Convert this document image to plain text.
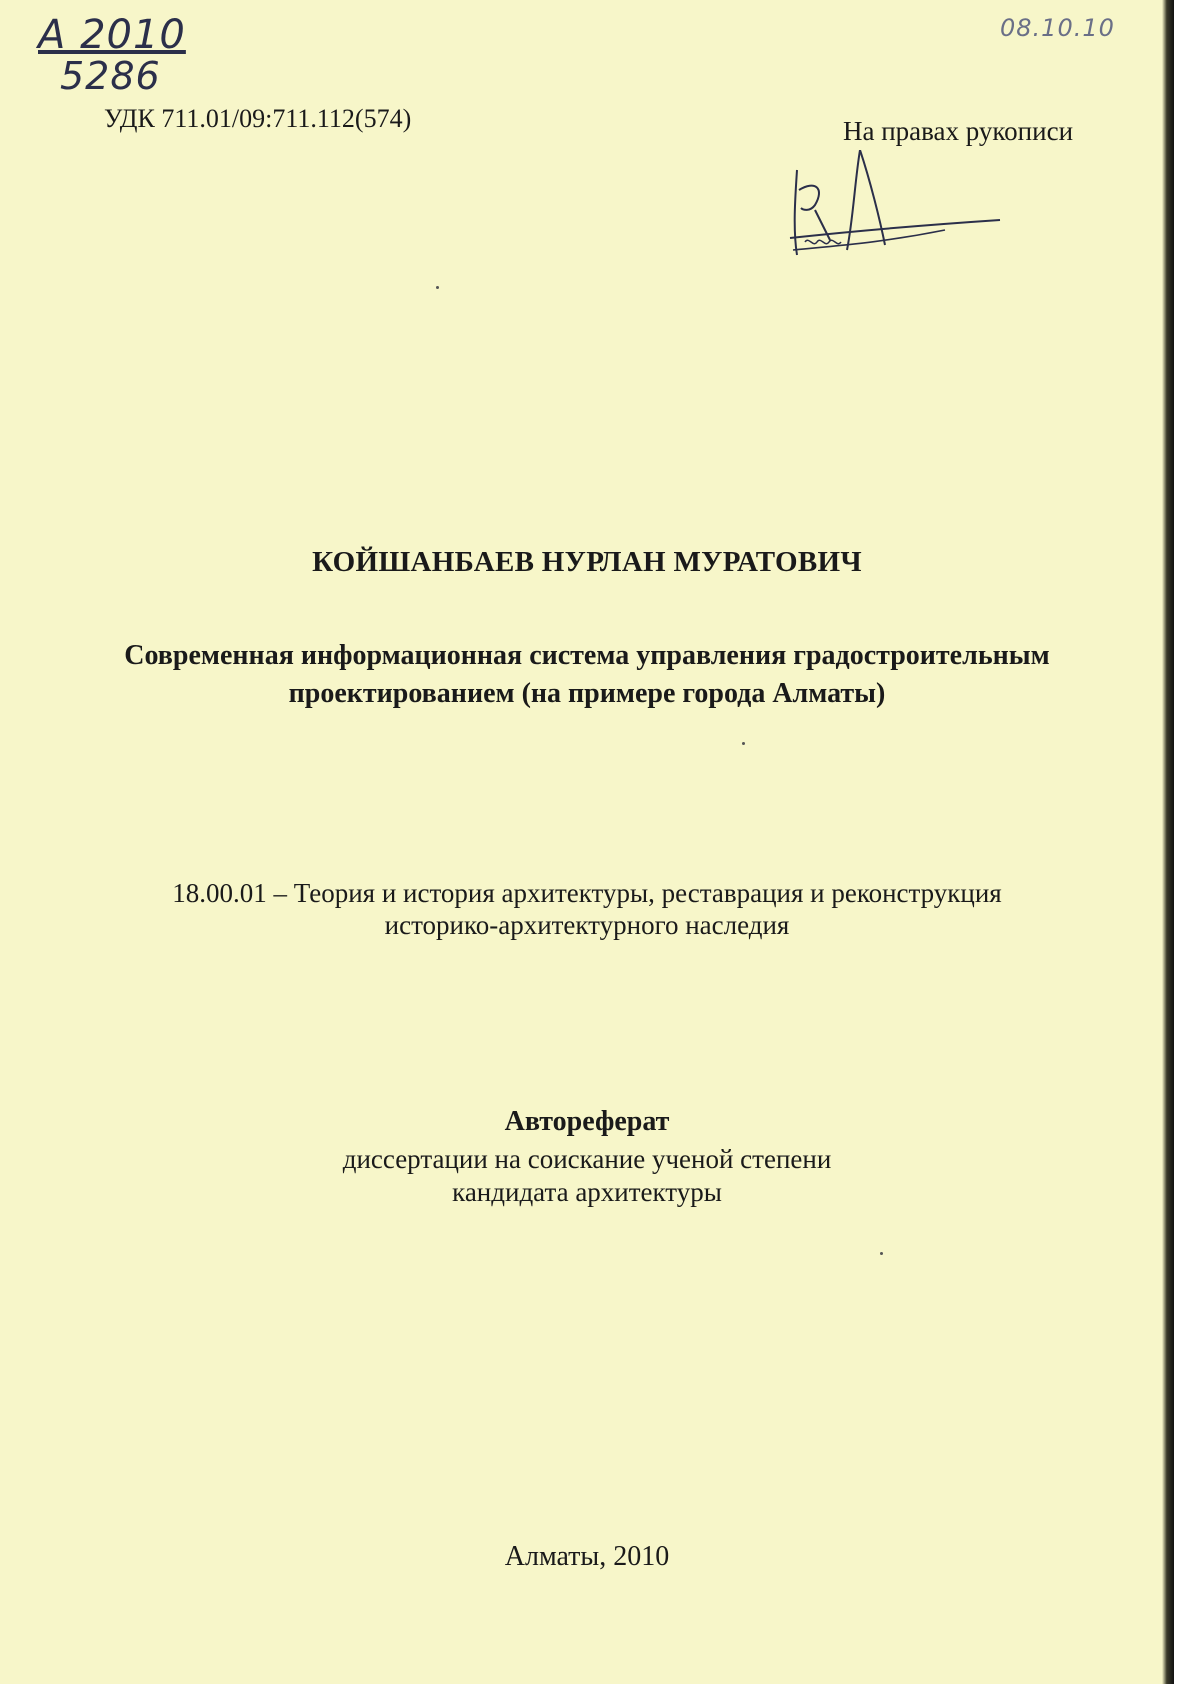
A 2010
5286
08.10.10
УДК 711.01/09:711.112(574)	На правах рукописи
КОЙШАНБАЕВ НУРЛАН МУРАТОВИЧ
Современная информационная система управления градостроительным
проектированием (на примере города Алматы)
18.00.01 – Теория и история архитектуры, реставрация и реконструкция
историко-архитектурного наследия
Автореферат
диссертации на соискание ученой степени
кандидата архитектуры
Алматы, 2010
